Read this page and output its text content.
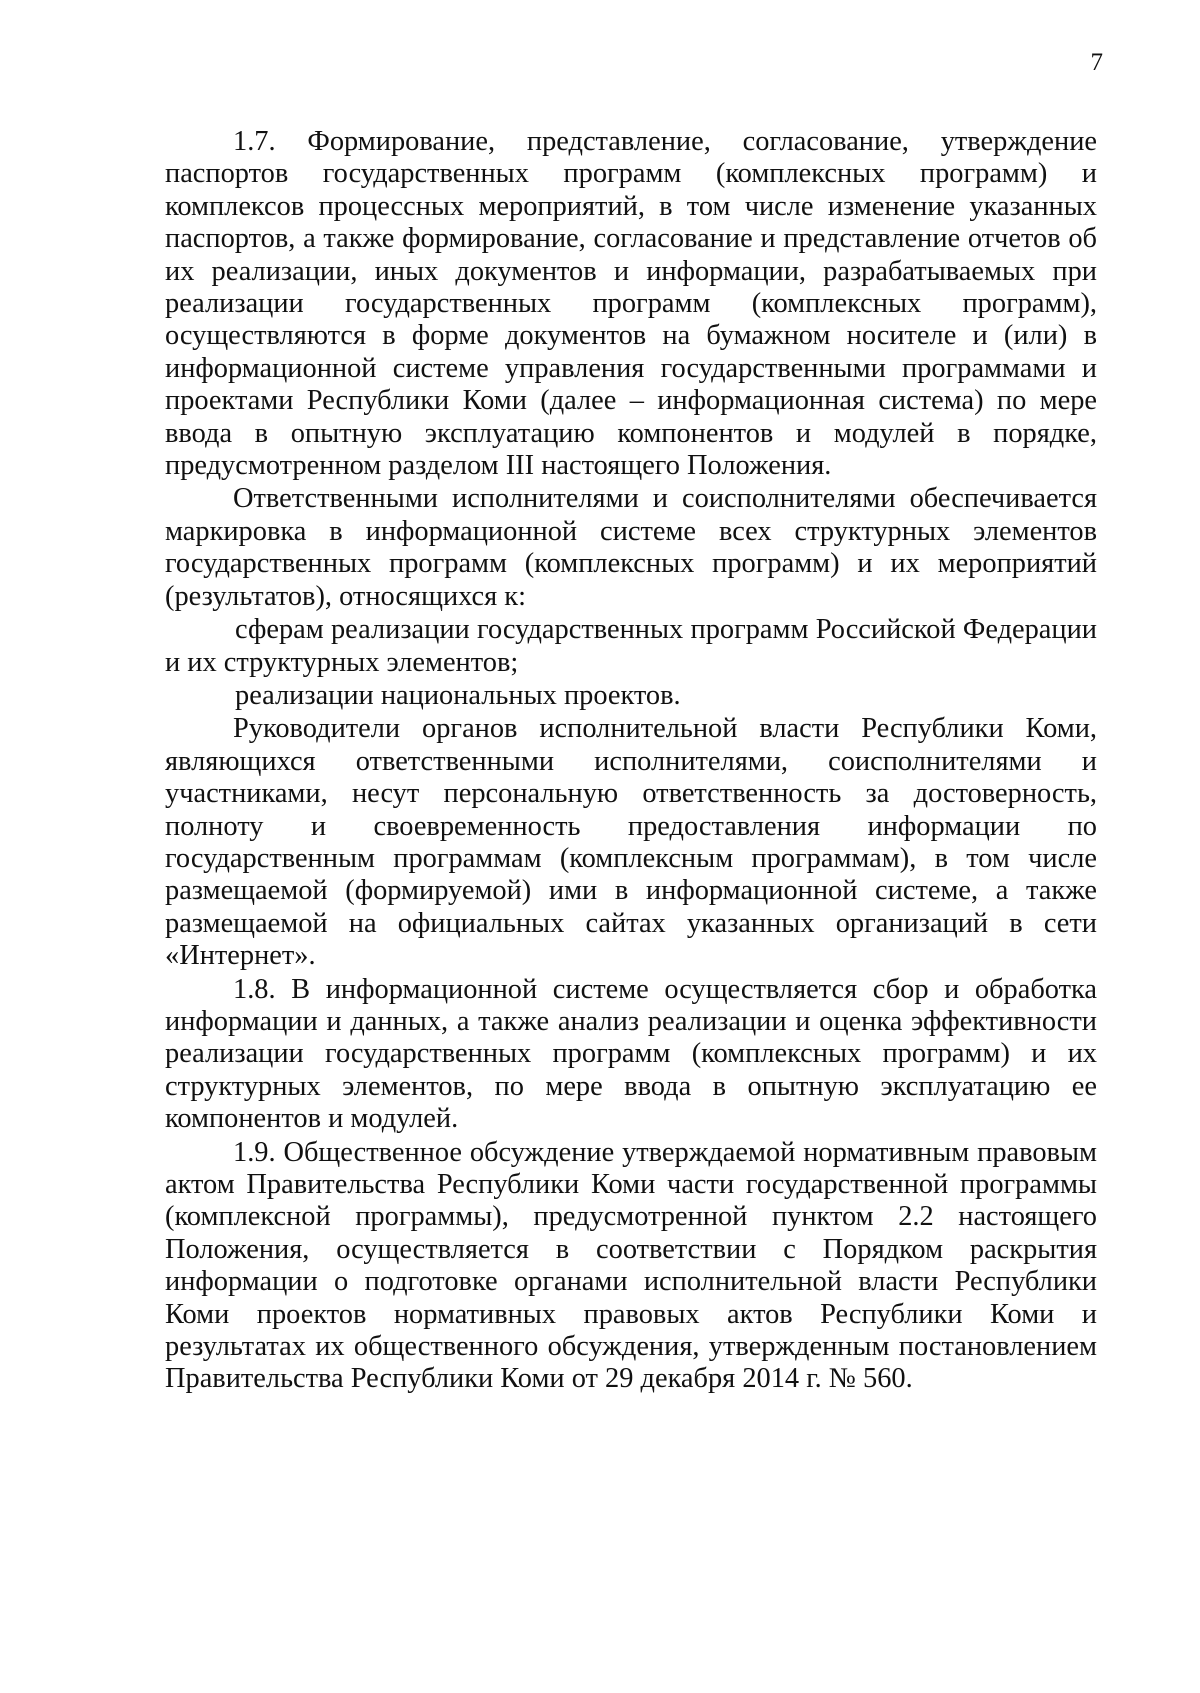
7

1.7. Формирование, представление, согласование, утверждение паспортов государственных программ (комплексных программ) и комплексов процессных мероприятий, в том числе изменение указанных паспортов, а также формирование, согласование и представление отчетов об их реализации, иных документов и информации, разрабатываемых при реализации государственных программ (комплексных программ), осуществляются в форме документов на бумажном носителе и (или) в информационной системе управления государственными программами и проектами Республики Коми (далее – информационная система) по мере ввода в опытную эксплуатацию компонентов и модулей в порядке, предусмотренном разделом III настоящего Положения.

Ответственными исполнителями и соисполнителями обеспечивается маркировка в информационной системе всех структурных элементов государственных программ (комплексных программ) и их мероприятий (результатов), относящихся к:

сферам реализации государственных программ Российской Федерации и их структурных элементов;

реализации национальных проектов.

Руководители органов исполнительной власти Республики Коми, являющихся ответственными исполнителями, соисполнителями и участниками, несут персональную ответственность за достоверность, полноту и своевременность предоставления информации по государственным программам (комплексным программам), в том числе размещаемой (формируемой) ими в информационной системе, а также размещаемой на официальных сайтах указанных организаций в сети «Интернет».

1.8. В информационной системе осуществляется сбор и обработка информации и данных, а также анализ реализации и оценка эффективности реализации государственных программ (комплексных программ) и их структурных элементов, по мере ввода в опытную эксплуатацию ее компонентов и модулей.

1.9. Общественное обсуждение утверждаемой нормативным правовым актом Правительства Республики Коми части государственной программы (комплексной программы), предусмотренной пунктом 2.2 настоящего Положения, осуществляется в соответствии с Порядком раскрытия информации о подготовке органами исполнительной власти Республики Коми проектов нормативных правовых актов Республики Коми и результатах их общественного обсуждения, утвержденным постановлением Правительства Республики Коми от 29 декабря 2014 г. № 560.
